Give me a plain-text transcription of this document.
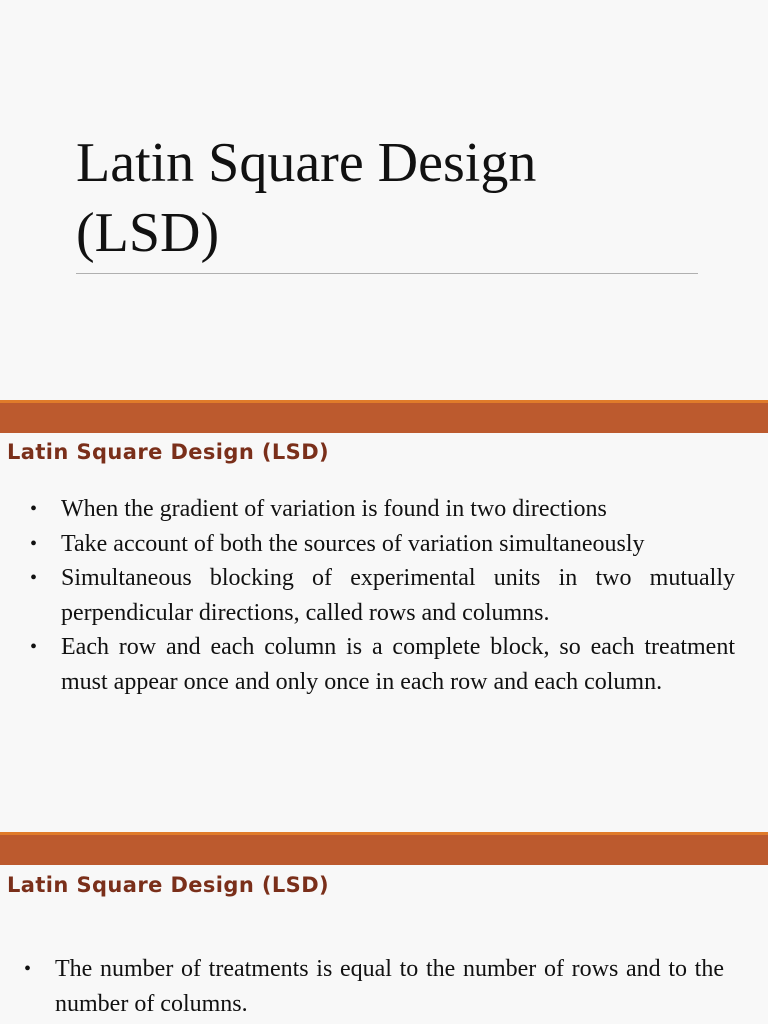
Latin Square Design
(LSD)
Latin Square Design (LSD)
• When the gradient of variation is found in two directions
• Take account of both the sources of variation simultaneously
• Simultaneous blocking of experimental units in two mutually perpendicular directions, called rows and columns.
• Each row and each column is a complete block, so each treatment must appear once and only once in each row and each column.
Latin Square Design (LSD)
• The number of treatments is equal to the number of rows and to the number of columns.
